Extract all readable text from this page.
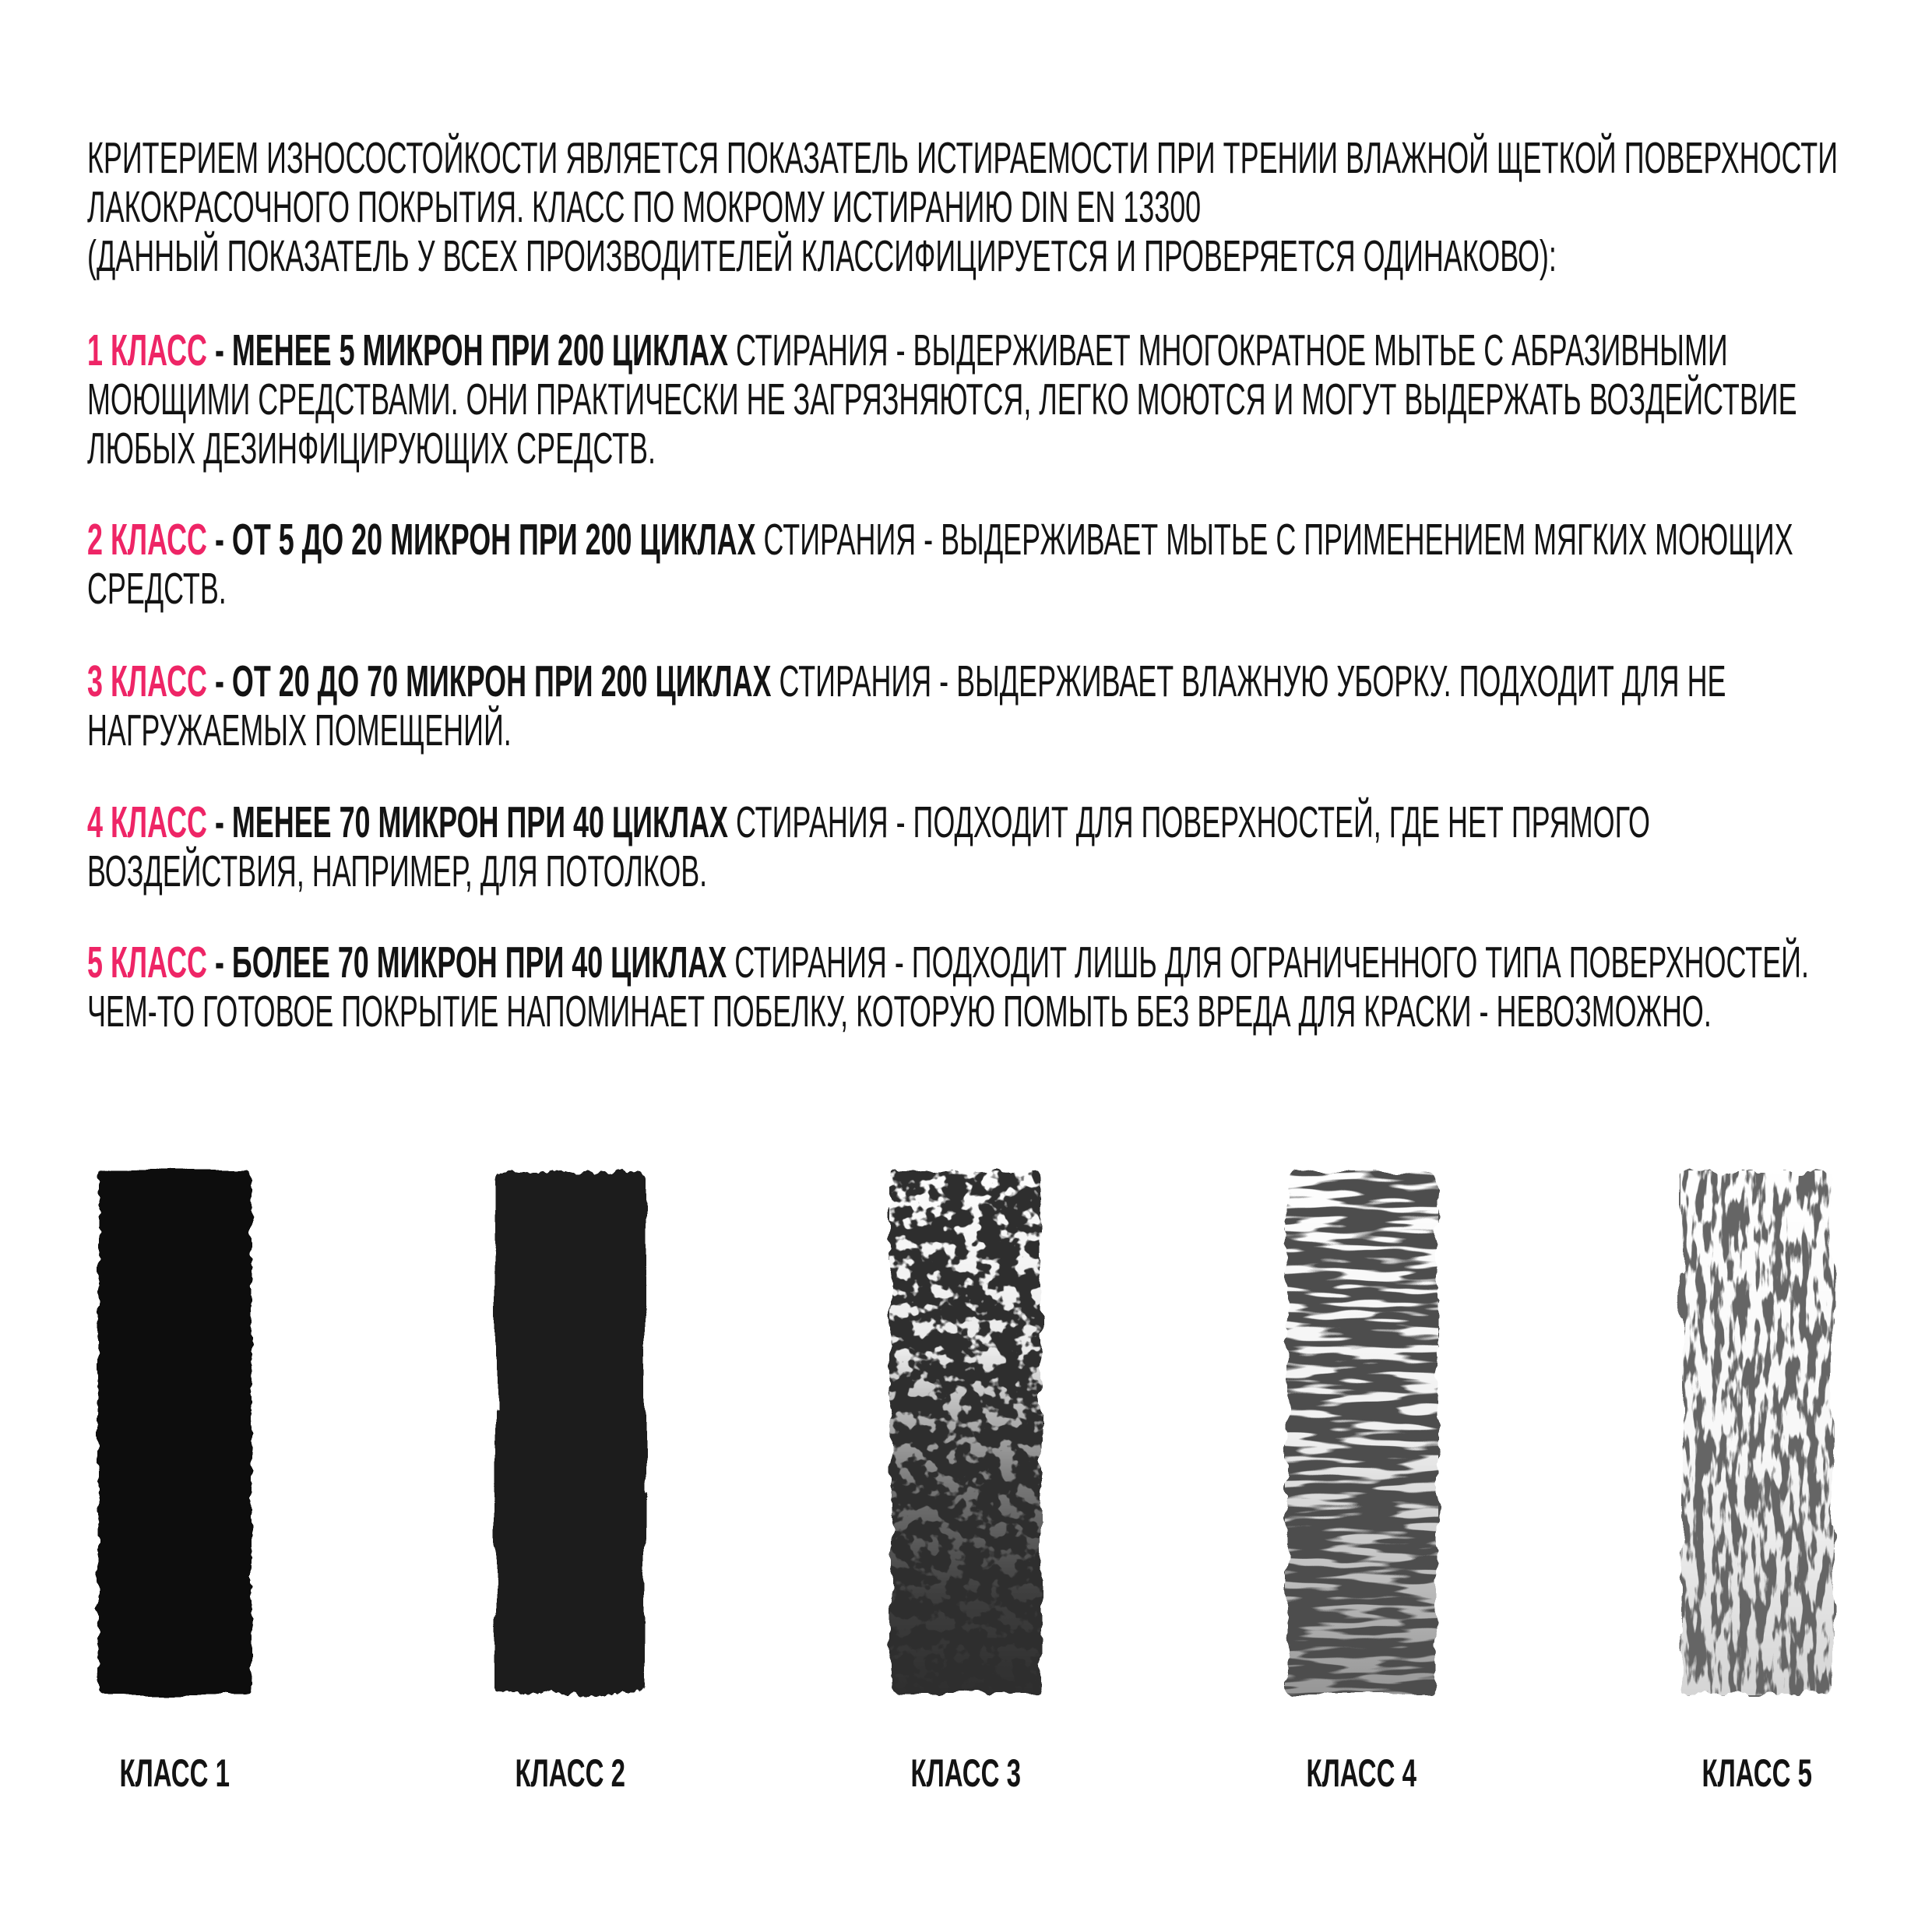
КРИТЕРИЕМ ИЗНОСОСТОЙКОСТИ ЯВЛЯЕТСЯ ПОКАЗАТЕЛЬ ИСТИРАЕМОСТИ ПРИ ТРЕНИИ ВЛАЖНОЙ ЩЕТКОЙ ПОВЕРХНОСТИ
ЛАКОКРАСОЧНОГО ПОКРЫТИЯ. КЛАСС ПО МОКРОМУ ИСТИРАНИЮ DIN EN 13300
(ДАННЫЙ ПОКАЗАТЕЛЬ У ВСЕХ ПРОИЗВОДИТЕЛЕЙ КЛАССИФИЦИРУЕТСЯ И ПРОВЕРЯЕТСЯ ОДИНАКОВО):
1 КЛАСС - МЕНЕЕ 5 МИКРОН ПРИ 200 ЦИКЛАХ СТИРАНИЯ - ВЫДЕРЖИВАЕТ МНОГОКРАТНОЕ МЫТЬЕ С АБРАЗИВНЫМИ
МОЮЩИМИ СРЕДСТВАМИ. ОНИ ПРАКТИЧЕСКИ НЕ ЗАГРЯЗНЯЮТСЯ, ЛЕГКО МОЮТСЯ И МОГУТ ВЫДЕРЖАТЬ ВОЗДЕЙСТВИЕ
ЛЮБЫХ ДЕЗИНФИЦИРУЮЩИХ СРЕДСТВ.
2 КЛАСС - ОТ 5 ДО 20 МИКРОН ПРИ 200 ЦИКЛАХ СТИРАНИЯ - ВЫДЕРЖИВАЕТ МЫТЬЕ С ПРИМЕНЕНИЕМ МЯГКИХ МОЮЩИХ
СРЕДСТВ.
3 КЛАСС - ОТ 20 ДО 70 МИКРОН ПРИ 200 ЦИКЛАХ СТИРАНИЯ - ВЫДЕРЖИВАЕТ ВЛАЖНУЮ УБОРКУ. ПОДХОДИТ ДЛЯ НЕ
НАГРУЖАЕМЫХ ПОМЕЩЕНИЙ.
4 КЛАСС - МЕНЕЕ 70 МИКРОН ПРИ 40 ЦИКЛАХ СТИРАНИЯ - ПОДХОДИТ ДЛЯ ПОВЕРХНОСТЕЙ, ГДЕ НЕТ ПРЯМОГО
ВОЗДЕЙСТВИЯ, НАПРИМЕР, ДЛЯ ПОТОЛКОВ.
5 КЛАСС - БОЛЕЕ 70 МИКРОН ПРИ 40 ЦИКЛАХ СТИРАНИЯ - ПОДХОДИТ ЛИШЬ ДЛЯ ОГРАНИЧЕННОГО ТИПА ПОВЕРХНОСТЕЙ.
ЧЕМ-ТО ГОТОВОЕ ПОКРЫТИЕ НАПОМИНАЕТ ПОБЕЛКУ, КОТОРУЮ ПОМЫТЬ БЕЗ ВРЕДА ДЛЯ КРАСКИ - НЕВОЗМОЖНО.
КЛАСС 1	КЛАСС 2	КЛАСС 3	КЛАСС 4	КЛАСС 5
